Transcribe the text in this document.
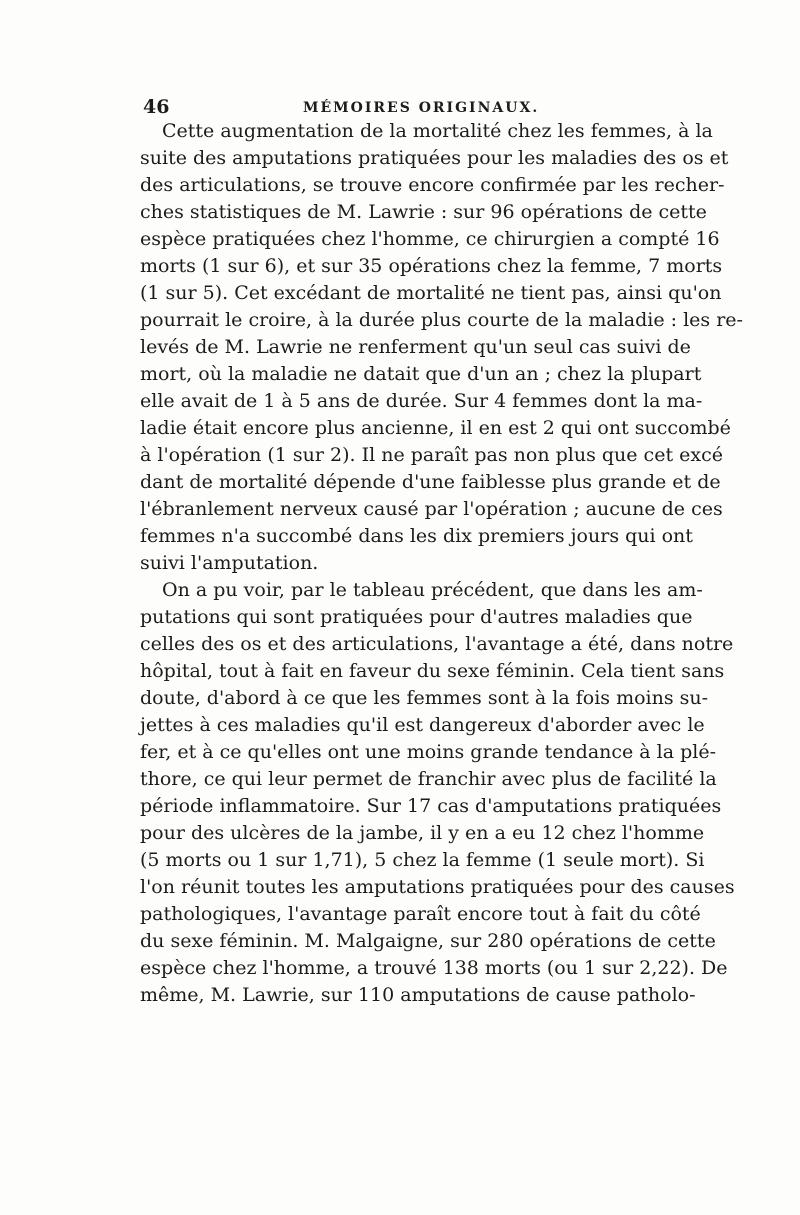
46	MÉMOIRES ORIGINAUX.
Cette augmentation de la mortalité chez les femmes, à la
suite des amputations pratiquées pour les maladies des os et
des articulations, se trouve encore confirmée par les recher-
ches statistiques de M. Lawrie : sur 96 opérations de cette
espèce pratiquées chez l'homme, ce chirurgien a compté 16
morts (1 sur 6), et sur 35 opérations chez la femme, 7 morts
(1 sur 5). Cet excédant de mortalité ne tient pas, ainsi qu'on
pourrait le croire, à la durée plus courte de la maladie : les re-
levés de M. Lawrie ne renferment qu'un seul cas suivi de
mort, où la maladie ne datait que d'un an ; chez la plupart
elle avait de 1 à 5 ans de durée. Sur 4 femmes dont la ma-
ladie était encore plus ancienne, il en est 2 qui ont succombé
à l'opération (1 sur 2). Il ne paraît pas non plus que cet excé
dant de mortalité dépende d'une faiblesse plus grande et de
l'ébranlement nerveux causé par l'opération ; aucune de ces
femmes n'a succombé dans les dix premiers jours qui ont
suivi l'amputation.
On a pu voir, par le tableau précédent, que dans les am-
putations qui sont pratiquées pour d'autres maladies que
celles des os et des articulations, l'avantage a été, dans notre
hôpital, tout à fait en faveur du sexe féminin. Cela tient sans
doute, d'abord à ce que les femmes sont à la fois moins su-
jettes à ces maladies qu'il est dangereux d'aborder avec le
fer, et à ce qu'elles ont une moins grande tendance à la plé-
thore, ce qui leur permet de franchir avec plus de facilité la
période inflammatoire. Sur 17 cas d'amputations pratiquées
pour des ulcères de la jambe, il y en a eu 12 chez l'homme
(5 morts ou 1 sur 1,71), 5 chez la femme (1 seule mort). Si
l'on réunit toutes les amputations pratiquées pour des causes
pathologiques, l'avantage paraît encore tout à fait du côté
du sexe féminin. M. Malgaigne, sur 280 opérations de cette
espèce chez l'homme, a trouvé 138 morts (ou 1 sur 2,22). De
même, M. Lawrie, sur 110 amputations de cause patholo-
